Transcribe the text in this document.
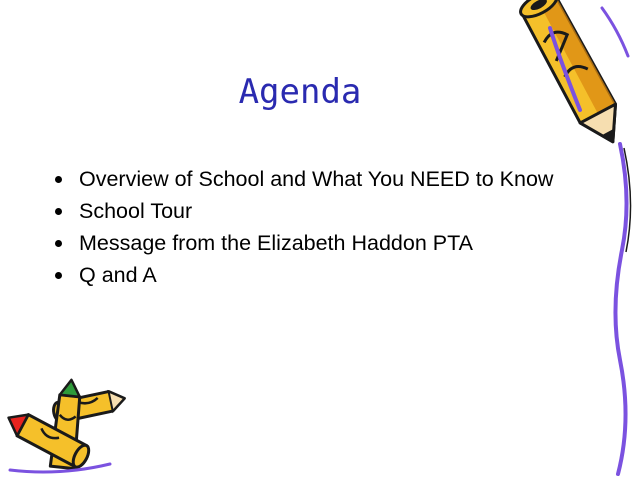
Agenda
Overview of School and What You NEED to Know
School Tour
Message from the Elizabeth Haddon PTA
Q and A
